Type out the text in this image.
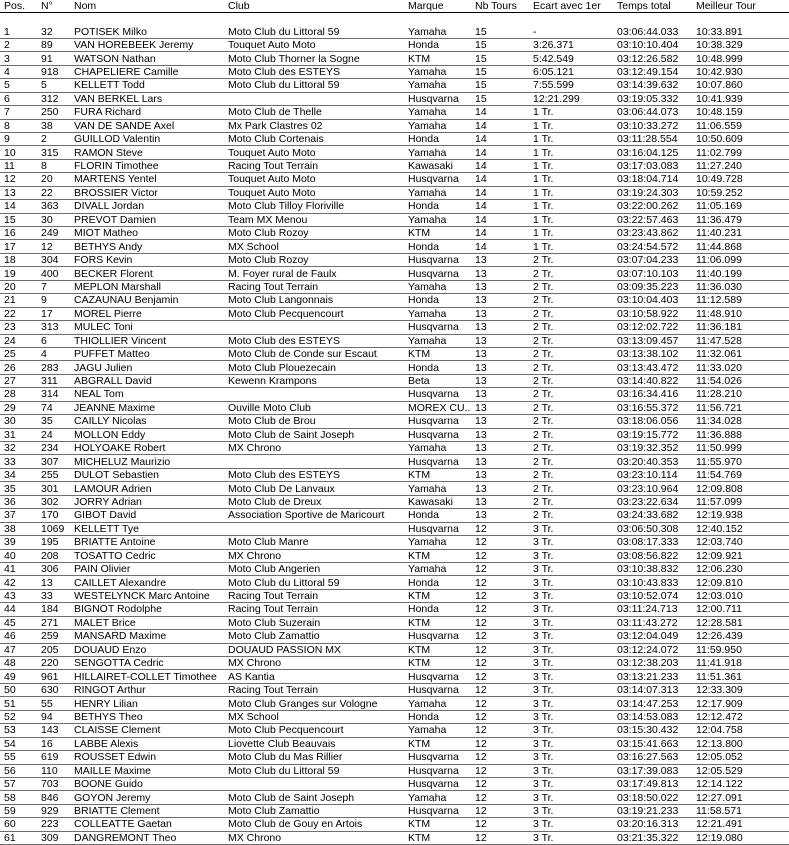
Pos.	N°	Nom	Club	Marque	Nb Tours	Ecart avec 1er	Temps total	Meilleur Tour

1	32	POTISEK Milko	Moto Club du Littoral 59	Yamaha	15	-	03:06:44.033	10:33.891
2	89	VAN HOREBEEK Jeremy	Touquet Auto Moto	Honda	15	3:26.371	03:10:10.404	10:38.329
3	91	WATSON Nathan	Moto Club Thorner la Sogne	KTM	15	5:42.549	03:12:26.582	10:48.999
4	918	CHAPELIERE Camille	Moto Club des ESTEYS	Yamaha	15	6:05.121	03:12:49.154	10:42.930
5	5	KELLETT Todd	Moto Club du Littoral 59	Yamaha	15	7:55.599	03:14:39.632	10:07.860
6	312	VAN BERKEL Lars		Husqvarna	15	12:21.299	03:19:05.332	10:41.939
7	250	FURA Richard	Moto Club de Thelle	Yamaha	14	1 Tr.	03:06:44.073	10:48.159
8	38	VAN DE SANDE Axel	Mx Park Clastres 02	Yamaha	14	1 Tr.	03:10:33.272	11:06.559
9	2	GUILLOD Valentin	Moto Club Cortenais	Honda	14	1 Tr.	03:11:28.554	10:50.609
10	315	RAMON Steve	Touquet Auto Moto	Yamaha	14	1 Tr.	03:16:04.125	11:02.799
11	8	FLORIN Timothee	Racing Tout Terrain	Kawasaki	14	1 Tr.	03:17:03.083	11:27.240
12	20	MARTENS Yentel	Touquet Auto Moto	Husqvarna	14	1 Tr.	03:18:04.714	10:49.728
13	22	BROSSIER Victor	Touquet Auto Moto	Yamaha	14	1 Tr.	03:19:24.303	10:59.252
14	363	DIVALL Jordan	Moto Club Tilloy Floriville	Honda	14	1 Tr.	03:22:00.262	11:05.169
15	30	PREVOT Damien	Team MX Menou	Yamaha	14	1 Tr.	03:22:57.463	11:36.479
16	249	MIOT Matheo	Moto Club Rozoy	KTM	14	1 Tr.	03:23:43.862	11:40.231
17	12	BETHYS Andy	MX School	Honda	14	1 Tr.	03:24:54.572	11:44.868
18	304	FORS Kevin	Moto Club Rozoy	Husqvarna	13	2 Tr.	03:07:04.233	11:06.099
19	400	BECKER Florent	M. Foyer rural de Faulx	Husqvarna	13	2 Tr.	03:07:10.103	11:40.199
20	7	MEPLON Marshall	Racing Tout Terrain	Yamaha	13	2 Tr.	03:09:35.223	11:36.030
21	9	CAZAUNAU Benjamin	Moto Club Langonnais	Honda	13	2 Tr.	03:10:04.403	11:12.589
22	17	MOREL Pierre	Moto Club Pecquencourt	Yamaha	13	2 Tr.	03:10:58.922	11:48.910
23	313	MULEC Toni		Husqvarna	13	2 Tr.	03:12:02.722	11:36.181
24	6	THIOLLIER Vincent	Moto Club des ESTEYS	Yamaha	13	2 Tr.	03:13:09.457	11:47.528
25	4	PUFFET Matteo	Moto Club de Conde sur Escaut	KTM	13	2 Tr.	03:13:38.102	11:32.061
26	283	JAGU Julien	Moto Club Plouezecain	Honda	13	2 Tr.	03:13:43.472	11:33.020
27	311	ABGRALL David	Kewenn Krampons	Beta	13	2 Tr.	03:14:40.822	11:54.026
28	314	NEAL Tom		Husqvarna	13	2 Tr.	03:16:34.416	11:28.210
29	74	JEANNE Maxime	Ouville Moto Club	MOREX CU..	13	2 Tr.	03:16:55.372	11:56.721
30	35	CAILLY Nicolas	Moto Club de Brou	Husqvarna	13	2 Tr.	03:18:06.056	11:34.028
31	24	MOLLON Eddy	Moto Club de Saint Joseph	Husqvarna	13	2 Tr.	03:19:15.772	11:36.888
32	234	HOLYOAKE Robert	MX Chrono	Yamaha	13	2 Tr.	03:19:32.352	11:50.999
33	307	MICHELUZ Maurizio		Husqvarna	13	2 Tr.	03:20:40.353	11:55.970
34	255	DULOT Sebastien	Moto Club des ESTEYS	KTM	13	2 Tr.	03:23:10.114	11:54.769
35	301	LAMOUR Adrien	Moto Club De Lanvaux	Yamaha	13	2 Tr.	03:23:10.964	12:09.808
36	302	JORRY Adrian	Moto Club de Dreux	Kawasaki	13	2 Tr.	03:23:22.634	11:57.099
37	170	GIBOT David	Association Sportive de Maricourt	Honda	13	2 Tr.	03:24:33.682	12:19.938
38	1069	KELLETT Tye		Husqvarna	12	3 Tr.	03:06:50.308	12:40.152
39	195	BRIATTE Antoine	Moto Club Manre	Yamaha	12	3 Tr.	03:08:17.333	12:03.740
40	208	TOSATTO Cedric	MX Chrono	KTM	12	3 Tr.	03:08:56.822	12:09.921
41	306	PAIN Olivier	Moto Club Angerien	Yamaha	12	3 Tr.	03:10:38.832	12:06.230
42	13	CAILLET Alexandre	Moto Club du Littoral 59	Honda	12	3 Tr.	03:10:43.833	12:09.810
43	33	WESTELYNCK Marc Antoine	Racing Tout Terrain	KTM	12	3 Tr.	03:10:52.074	12:03.010
44	184	BIGNOT Rodolphe	Racing Tout Terrain	Honda	12	3 Tr.	03:11:24.713	12:00.711
45	271	MALET Brice	Moto Club Suzerain	KTM	12	3 Tr.	03:11:43.272	12:28.581
46	259	MANSARD Maxime	Moto Club Zamattio	Husqvarna	12	3 Tr.	03:12:04.049	12:26.439
47	205	DOUAUD Enzo	DOUAUD PASSION MX	KTM	12	3 Tr.	03:12:24.072	11:59.950
48	220	SENGOTTA Cedric	MX Chrono	KTM	12	3 Tr.	03:12:38.203	11:41.918
49	961	HILLAIRET-COLLET Timothee	AS Kantia	Husqvarna	12	3 Tr.	03:13:21.233	11:51.361
50	630	RINGOT Arthur	Racing Tout Terrain	Husqvarna	12	3 Tr.	03:14:07.313	12:33.309
51	55	HENRY Lilian	Moto Club Granges sur Vologne	Yamaha	12	3 Tr.	03:14:47.253	12:17.909
52	94	BETHYS Theo	MX School	Honda	12	3 Tr.	03:14:53.083	12:12.472
53	143	CLAISSE Clement	Moto Club Pecquencourt	Yamaha	12	3 Tr.	03:15:30.432	12:04.758
54	16	LABBE Alexis	Liovette Club Beauvais	KTM	12	3 Tr.	03:15:41.663	12:13.800
55	619	ROUSSET Edwin	Moto Club du Mas Rillier	Husqvarna	12	3 Tr.	03:16:27.563	12:05.052
56	110	MAILLE Maxime	Moto Club du Littoral 59	Husqvarna	12	3 Tr.	03:17:39.083	12:05.529
57	703	BOONE Guido		Husqvarna	12	3 Tr.	03:17:49.813	12:14.122
58	846	GOYON Jeremy	Moto Club de Saint Joseph	Yamaha	12	3 Tr.	03:18:50.022	12:27.091
59	929	BRIATTE Clement	Moto Club Zamattio	Husqvarna	12	3 Tr.	03:19:21.233	11:58.571
60	223	COLLEATTE Gaetan	Moto Club de Gouy en Artois	KTM	12	3 Tr.	03:20:16.313	12:21.491
61	309	DANGREMONT Theo	MX Chrono	KTM	12	3 Tr.	03:21:35.322	12:19.080
